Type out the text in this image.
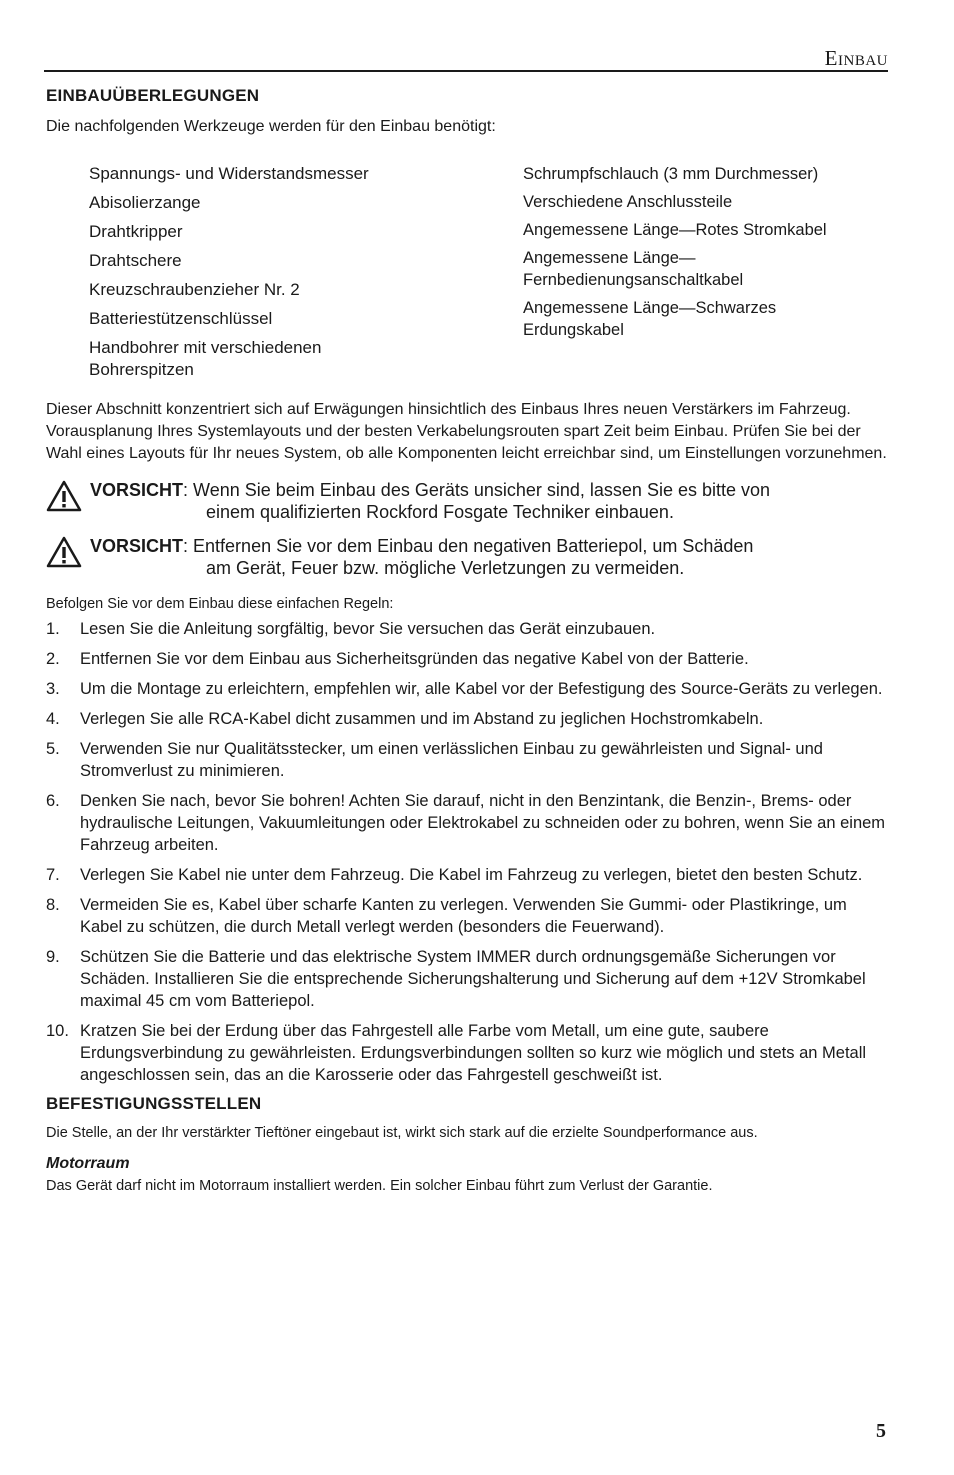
Einbau
EINBAUÜBERLEGUNGEN

Die nachfolgenden Werkzeuge werden für den Einbau benötigt:

Spannungs- und Widerstandsmesser

Abisolierzange

Drahtkripper

Drahtschere

Kreuzschraubenzieher Nr. 2

Batteriestützenschlüssel

Handbohrer mit verschiedenen Bohrerspitzen

Schrumpfschlauch (3 mm Durchmesser)

Verschiedene Anschlussteile

Angemessene Länge—Rotes Stromkabel

Angemessene Länge—Fernbedienungsanschaltkabel

Angemessene Länge—Schwarzes Erdungskabel

Dieser Abschnitt konzentriert sich auf Erwägungen hinsichtlich des Einbaus Ihres neuen Verstärkers im Fahrzeug. Vorausplanung Ihres Systemlayouts und der besten Verkabelungsrouten spart Zeit beim Einbau. Prüfen Sie bei der Wahl eines Layouts für Ihr neues System, ob alle Komponenten leicht erreichbar sind, um Einstellungen vorzunehmen.

VORSICHT: Wenn Sie beim Einbau des Geräts unsicher sind, lassen Sie es bitte von
einem qualifizierten Rockford Fosgate Techniker einbauen.
VORSICHT: Entfernen Sie vor dem Einbau den negativen Batteriepol, um Schäden
am Gerät, Feuer bzw. mögliche Verletzungen zu vermeiden.

Befolgen Sie vor dem Einbau diese einfachen Regeln:

1. Lesen Sie die Anleitung sorgfältig, bevor Sie versuchen das Gerät einzubauen.
2. Entfernen Sie vor dem Einbau aus Sicherheitsgründen das negative Kabel von der Batterie.
3. Um die Montage zu erleichtern, empfehlen wir, alle Kabel vor der Befestigung des Source-Geräts zu verlegen.
4. Verlegen Sie alle RCA-Kabel dicht zusammen und im Abstand zu jeglichen Hochstromkabeln.
5. Verwenden Sie nur Qualitätsstecker, um einen verlässlichen Einbau zu gewährleisten und Signal- und Stromverlust zu minimieren.
6. Denken Sie nach, bevor Sie bohren! Achten Sie darauf, nicht in den Benzintank, die Benzin-, Brems- oder hydraulische Leitungen, Vakuumleitungen oder Elektrokabel zu schneiden oder zu bohren, wenn Sie an einem Fahrzeug arbeiten.
7. Verlegen Sie Kabel nie unter dem Fahrzeug. Die Kabel im Fahrzeug zu verlegen, bietet den besten Schutz.
8. Vermeiden Sie es, Kabel über scharfe Kanten zu verlegen. Verwenden Sie Gummi- oder Plastikringe, um Kabel zu schützen, die durch Metall verlegt werden (besonders die Feuerwand).
9. Schützen Sie die Batterie und das elektrische System IMMER durch ordnungsgemäße Sicherungen vor Schäden. Installieren Sie die entsprechende Sicherungshalterung und Sicherung auf dem +12V Stromkabel maximal 45 cm vom Batteriepol.
10. Kratzen Sie bei der Erdung über das Fahrgestell alle Farbe vom Metall, um eine gute, saubere Erdungsverbindung zu gewährleisten. Erdungsverbindungen sollten so kurz wie möglich und stets an Metall angeschlossen sein, das an die Karosserie oder das Fahrgestell geschweißt ist.
BEFESTIGUNGSSTELLEN

Die Stelle, an der Ihr verstärkter Tieftöner eingebaut ist, wirkt sich stark auf die erzielte Soundperformance aus.

Motorraum

Das Gerät darf nicht im Motorraum installiert werden. Ein solcher Einbau führt zum Verlust der Garantie.

5
